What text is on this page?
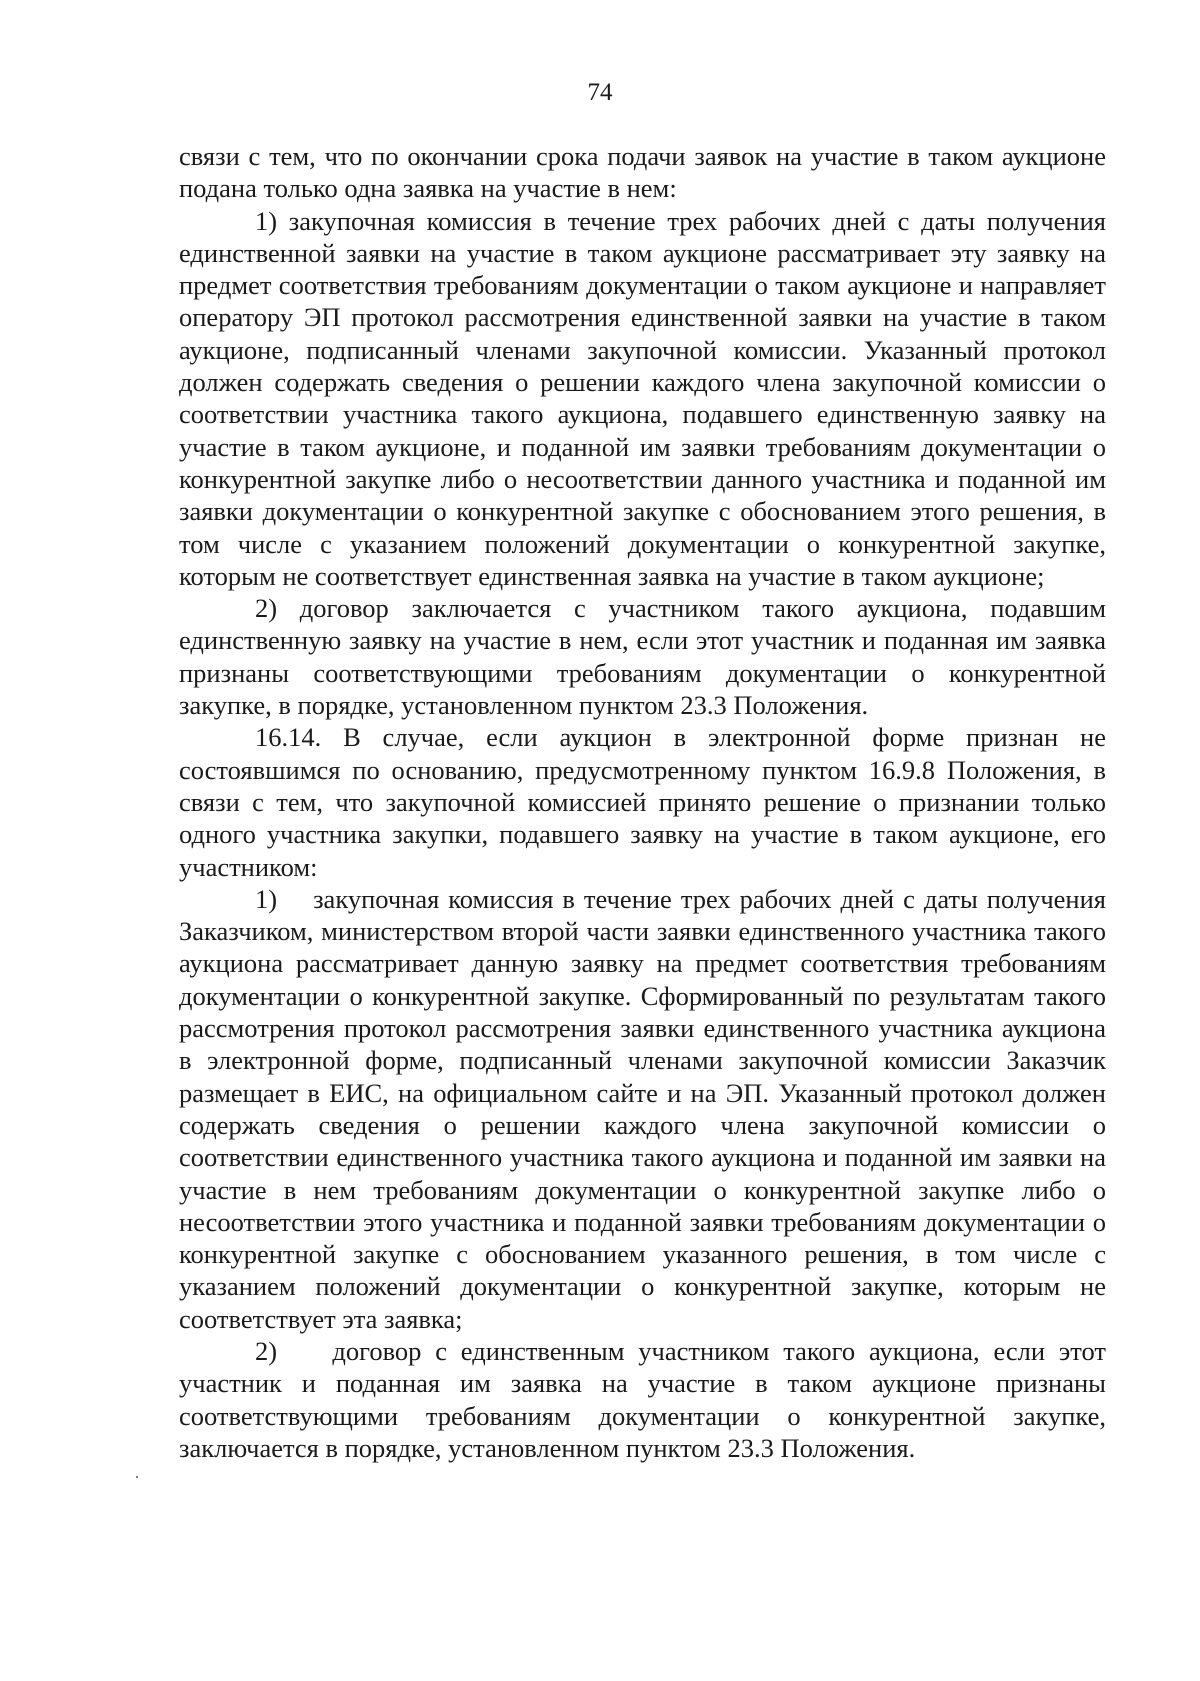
74

связи с тем, что по окончании срока подачи заявок на участие в таком аукционе подана только одна заявка на участие в нем:

1) закупочная комиссия в течение трех рабочих дней с даты получения единственной заявки на участие в таком аукционе рассматривает эту заявку на предмет соответствия требованиям документации о таком аукционе и направляет оператору ЭП протокол рассмотрения единственной заявки на участие в таком аукционе, подписанный членами закупочной комиссии. Указанный протокол должен содержать сведения о решении каждого члена закупочной комиссии о соответствии участника такого аукциона, подавшего единственную заявку на участие в таком аукционе, и поданной им заявки требованиям документации о конкурентной закупке либо о несоответствии данного участника и поданной им заявки документации о конкурентной закупке с обоснованием этого решения, в том числе с указанием положений документации о конкурентной закупке, которым не соответствует единственная заявка на участие в таком аукционе;

2) договор заключается с участником такого аукциона, подавшим единственную заявку на участие в нем, если этот участник и поданная им заявка признаны соответствующими требованиям документации о конкурентной закупке, в порядке, установленном пунктом 23.3 Положения.

16.14. В случае, если аукцион в электронной форме признан не состоявшимся по основанию, предусмотренному пунктом 16.9.8 Положения, в связи с тем, что закупочной комиссией принято решение о признании только одного участника закупки, подавшего заявку на участие в таком аукционе, его участником:

1)    закупочная комиссия в течение трех рабочих дней с даты получения Заказчиком, министерством второй части заявки единственного участника такого аукциона рассматривает данную заявку на предмет соответствия требованиям документации о конкурентной закупке. Сформированный по результатам такого рассмотрения протокол рассмотрения заявки единственного участника аукциона в электронной форме, подписанный членами закупочной комиссии Заказчик размещает в ЕИС, на официальном сайте и на ЭП. Указанный протокол должен содержать сведения о решении каждого члена закупочной комиссии о соответствии единственного участника такого аукциона и поданной им заявки на участие в нем требованиям документации о конкурентной закупке либо о несоответствии этого участника и поданной заявки требованиям документации о конкурентной закупке с обоснованием указанного решения, в том числе с указанием положений документации о конкурентной закупке, которым не соответствует эта заявка;

2)    договор с единственным участником такого аукциона, если этот участник и поданная им заявка на участие в таком аукционе признаны соответствующими требованиям документации о конкурентной закупке, заключается в порядке, установленном пунктом 23.3 Положения.
